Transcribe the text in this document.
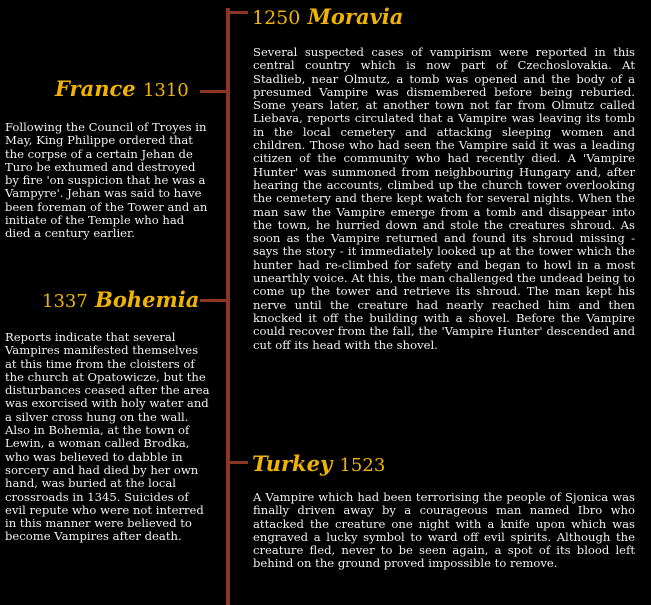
1250 Moravia

Several suspected cases of vampirism were reported in this central country which is now part of Czechoslovakia. At Stadlieb, near Olmutz, a tomb was opened and the body of a presumed Vampire was dismembered before being reburied. Some years later, at another town not far from Olmutz called Liebava, reports circulated that a Vampire was leaving its tomb in the local cemetery and attacking sleeping women and children. Those who had seen the Vampire said it was a leading citizen of the community who had recently died. A 'Vampire Hunter' was summoned from neighbouring Hungary and, after hearing the accounts, climbed up the church tower overlooking the cemetery and there kept watch for several nights. When the man saw the Vampire emerge from a tomb and disappear into the town, he hurried down and stole the creatures shroud. As soon as the Vampire returned and found its shroud missing - says the story - it immediately looked up at the tower which the hunter had re-climbed for safety and began to howl in a most unearthly voice. At this, the man challenged the undead being to come up the tower and retrieve its shroud. The man kept his nerve until the creature had nearly reached him and then knocked it off the building with a shovel. Before the Vampire could recover from the fall, the 'Vampire Hunter' descended and cut off its head with the shovel.

France 1310

Following the Council of Troyes in May, King Philippe ordered that the corpse of a certain Jehan de Turo be exhumed and destroyed by fire 'on suspicion that he was a Vampyre'. Jehan was said to have been foreman of the Tower and an initiate of the Temple who had died a century earlier.

1337 Bohemia

Reports indicate that several Vampires manifested themselves at this time from the cloisters of the church at Opatowicze, but the disturbances ceased after the area was exorcised with holy water and a silver cross hung on the wall. Also in Bohemia, at the town of Lewin, a woman called Brodka, who was believed to dabble in sorcery and had died by her own hand, was buried at the local crossroads in 1345. Suicides of evil repute who were not interred in this manner were believed to become Vampires after death.

Turkey 1523

A Vampire which had been terrorising the people of Sjonica was finally driven away by a courageous man named Ibro who attacked the creature one night with a knife upon which was engraved a lucky symbol to ward off evil spirits. Although the creature fled, never to be seen again, a spot of its blood left behind on the ground proved impossible to remove.
